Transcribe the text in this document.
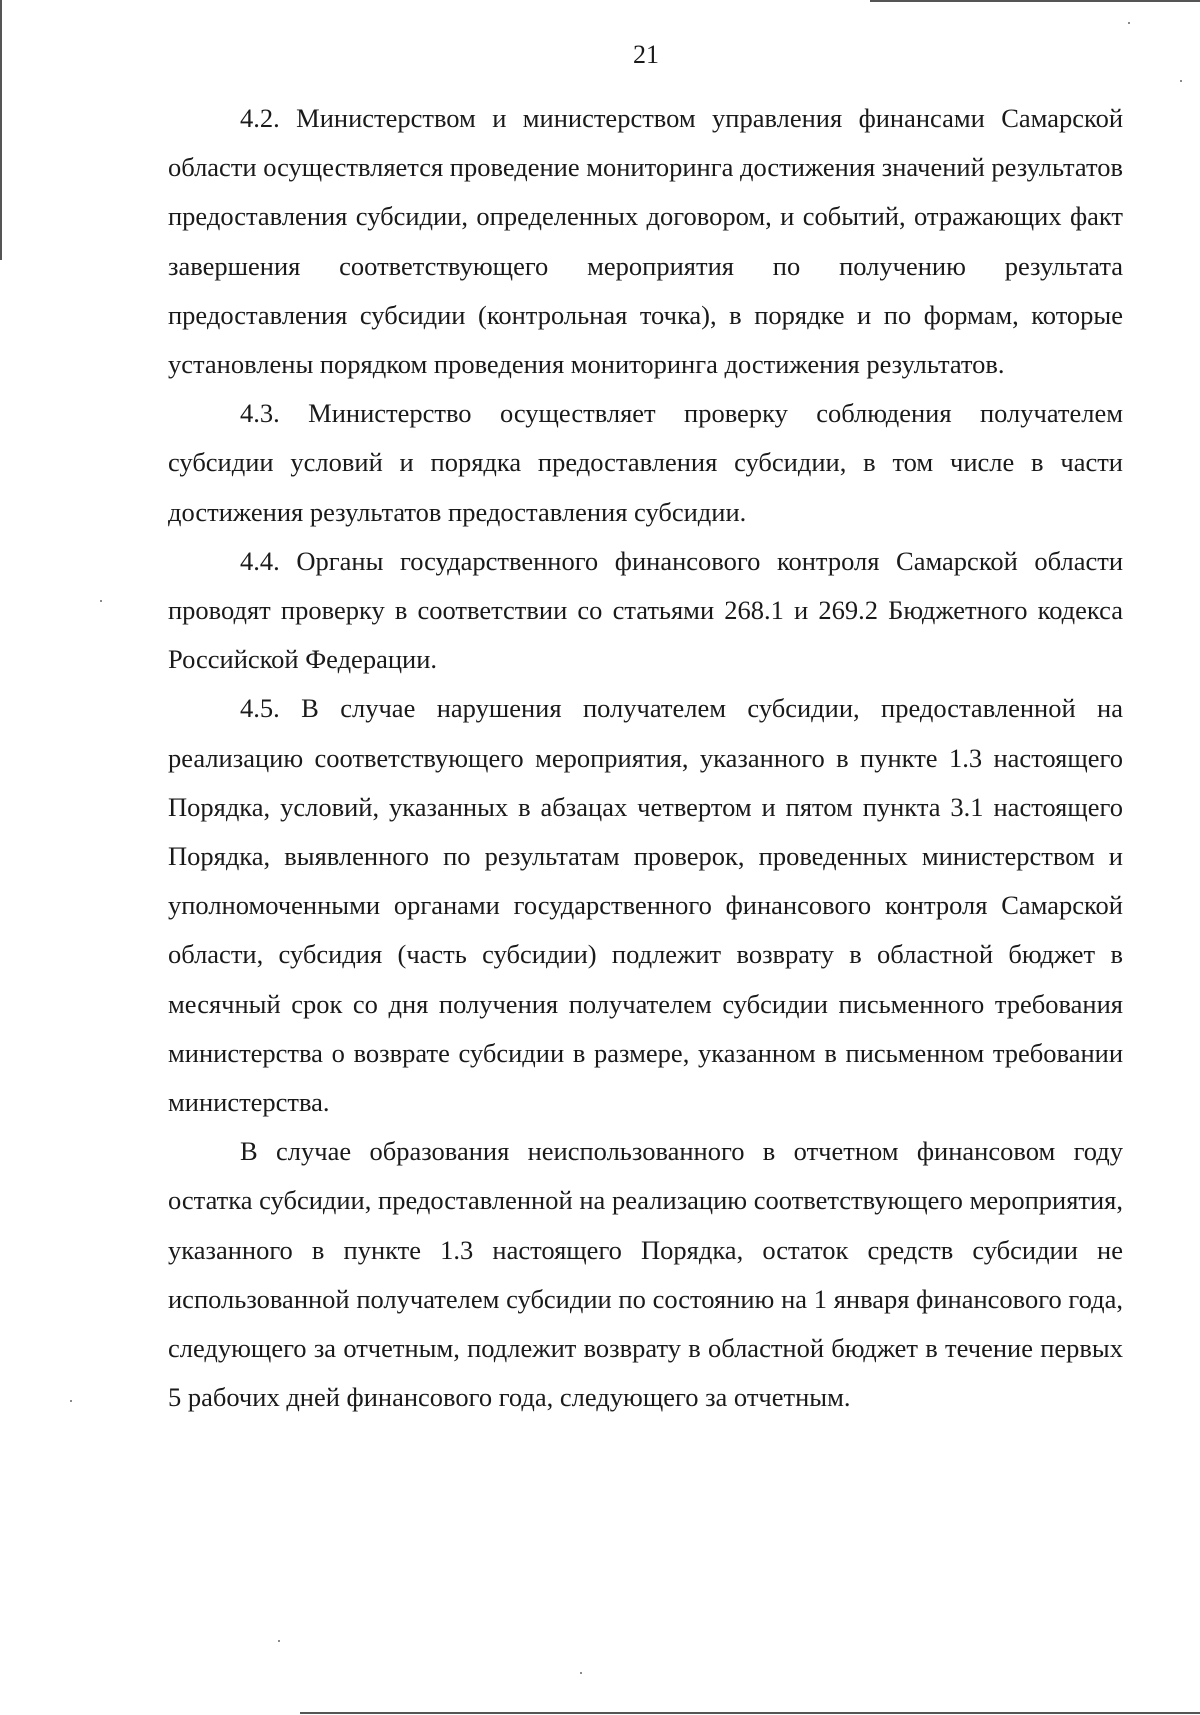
21

4.2. Министерством и министерством управления финансами Самарской области осуществляется проведение мониторинга достижения значений результатов предоставления субсидии, определенных договором, и событий, отражающих факт завершения соответствующего мероприятия по получению результата предоставления субсидии (контрольная точка), в порядке и по формам, которые установлены порядком проведения мониторинга достижения результатов.

4.3. Министерство осуществляет проверку соблюдения получателем субсидии условий и порядка предоставления субсидии, в том числе в части достижения результатов предоставления субсидии.

4.4. Органы государственного финансового контроля Самарской области проводят проверку в соответствии со статьями 268.1 и 269.2 Бюджетного кодекса Российской Федерации.

4.5. В случае нарушения получателем субсидии, предоставленной на реализацию соответствующего мероприятия, указанного в пункте 1.3 настоящего Порядка, условий, указанных в абзацах четвертом и пятом пункта 3.1 настоящего Порядка, выявленного по результатам проверок, проведенных министерством и уполномоченными органами государственного финансового контроля Самарской области, субсидия (часть субсидии) подлежит возврату в областной бюджет в месячный срок со дня получения получателем субсидии письменного требования министерства о возврате субсидии в размере, указанном в письменном требовании министерства.

В случае образования неиспользованного в отчетном финансовом году остатка субсидии, предоставленной на реализацию соответствующего мероприятия, указанного в пункте 1.3 настоящего Порядка, остаток средств субсидии не использованной получателем субсидии по состоянию на 1 января финансового года, следующего за отчетным, подлежит возврату в областной бюджет в течение первых 5 рабочих дней финансового года, следующего за отчетным.
